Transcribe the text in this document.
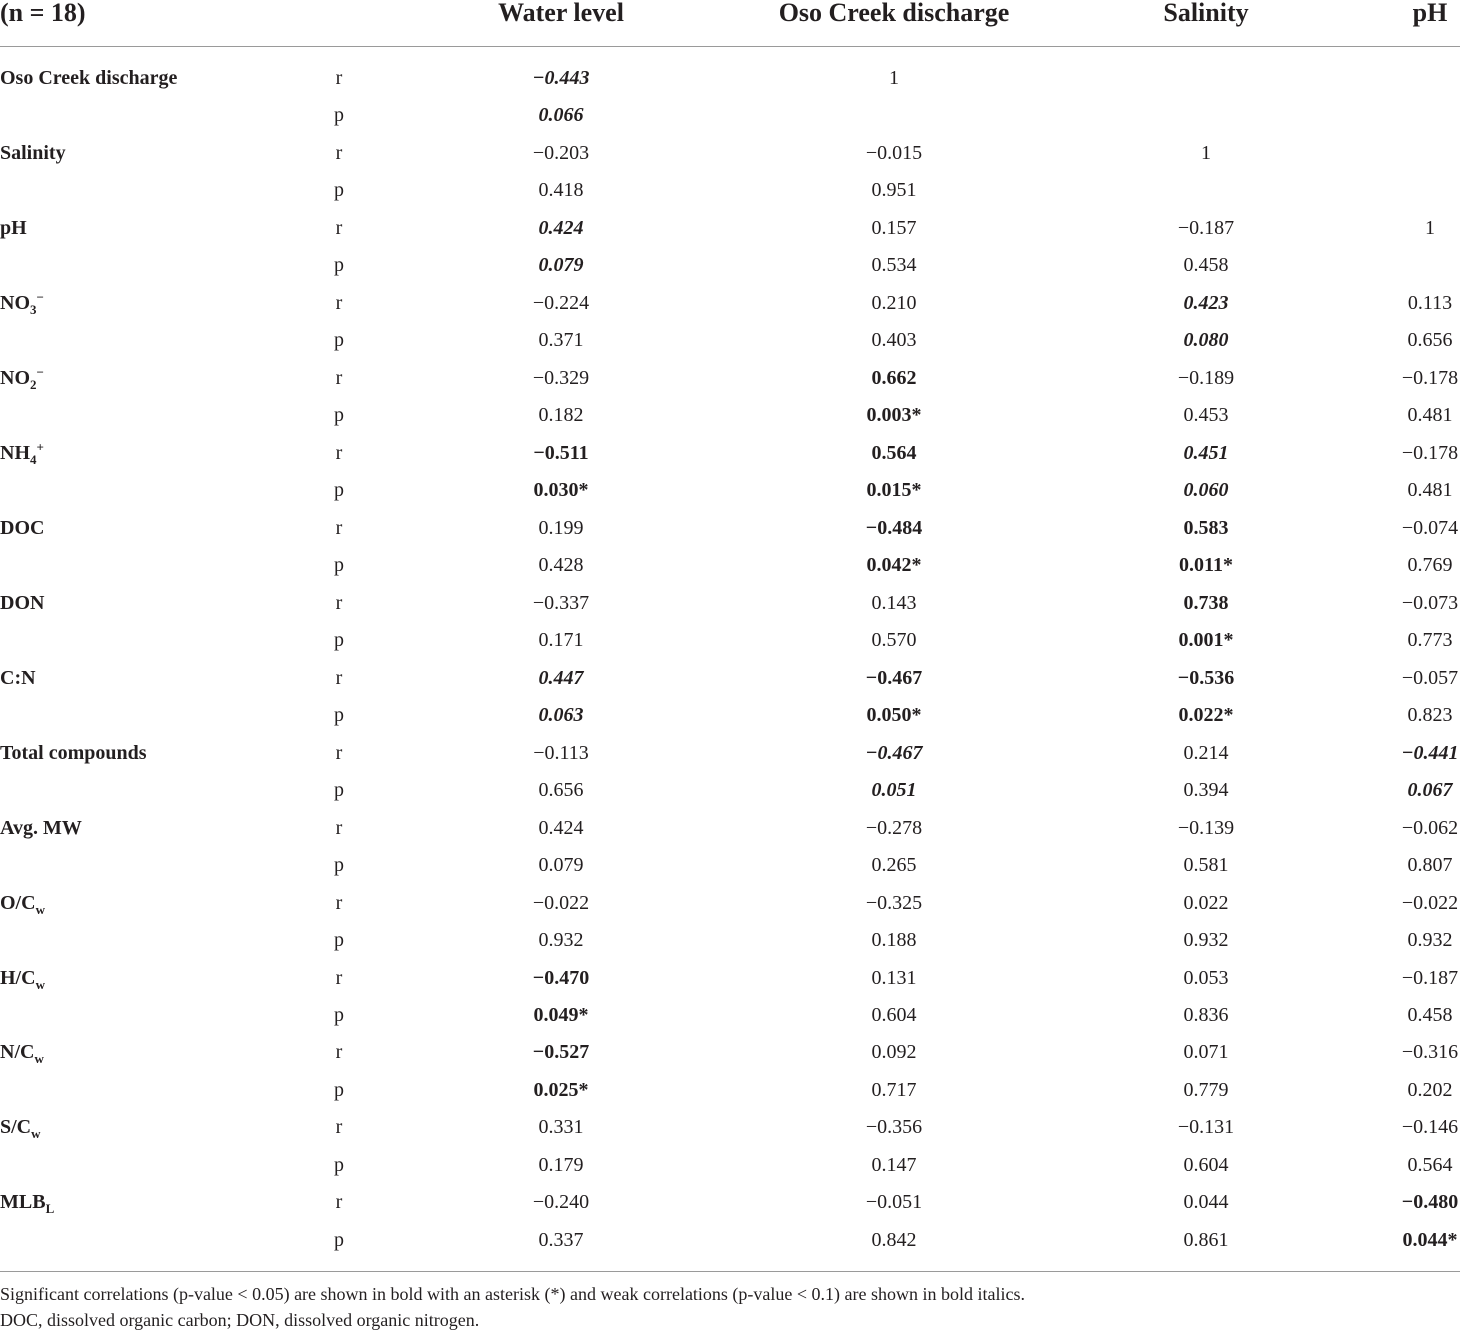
(n = 18)	Water level	Oso Creek discharge	Salinity	pH
Oso Creek discharge	r	−0.443	1
p	0.066
Salinity	r	−0.203	−0.015	1
p	0.418	0.951
pH	r	0.424	0.157	−0.187	1
p	0.079	0.534	0.458
$NO_3^-$	r	−0.224	0.210	0.423	0.113
p	0.371	0.403	0.080	0.656
$NO_2^-$	r	−0.329	0.662	−0.189	−0.178
p	0.182	0.003*	0.453	0.481
$NH_4^+$	r	−0.511	0.564	0.451	−0.178
p	0.030*	0.015*	0.060	0.481
DOC	r	0.199	−0.484	0.583	−0.074
p	0.428	0.042*	0.011*	0.769
DON	r	−0.337	0.143	0.738	−0.073
p	0.171	0.570	0.001*	0.773
C:N	r	0.447	−0.467	−0.536	−0.057
p	0.063	0.050*	0.022*	0.823
Total compounds	r	−0.113	−0.467	0.214	−0.441
p	0.656	0.051	0.394	0.067
Avg. MW	r	0.424	−0.278	−0.139	−0.062
p	0.079	0.265	0.581	0.807
$O/C_w$	r	−0.022	−0.325	0.022	−0.022
p	0.932	0.188	0.932	0.932
$H/C_w$	r	−0.470	0.131	0.053	−0.187
p	0.049*	0.604	0.836	0.458
$N/C_w$	r	−0.527	0.092	0.071	−0.316
p	0.025*	0.717	0.779	0.202
$S/C_w$	r	0.331	−0.356	−0.131	−0.146
p	0.179	0.147	0.604	0.564
$MLB_L$	r	−0.240	−0.051	0.044	−0.480
p	0.337	0.842	0.861	0.044*
Significant correlations (p-value < 0.05) are shown in bold with an asterisk (*) and weak correlations (p-value < 0.1) are shown in bold italics.
DOC, dissolved organic carbon; DON, dissolved organic nitrogen.
